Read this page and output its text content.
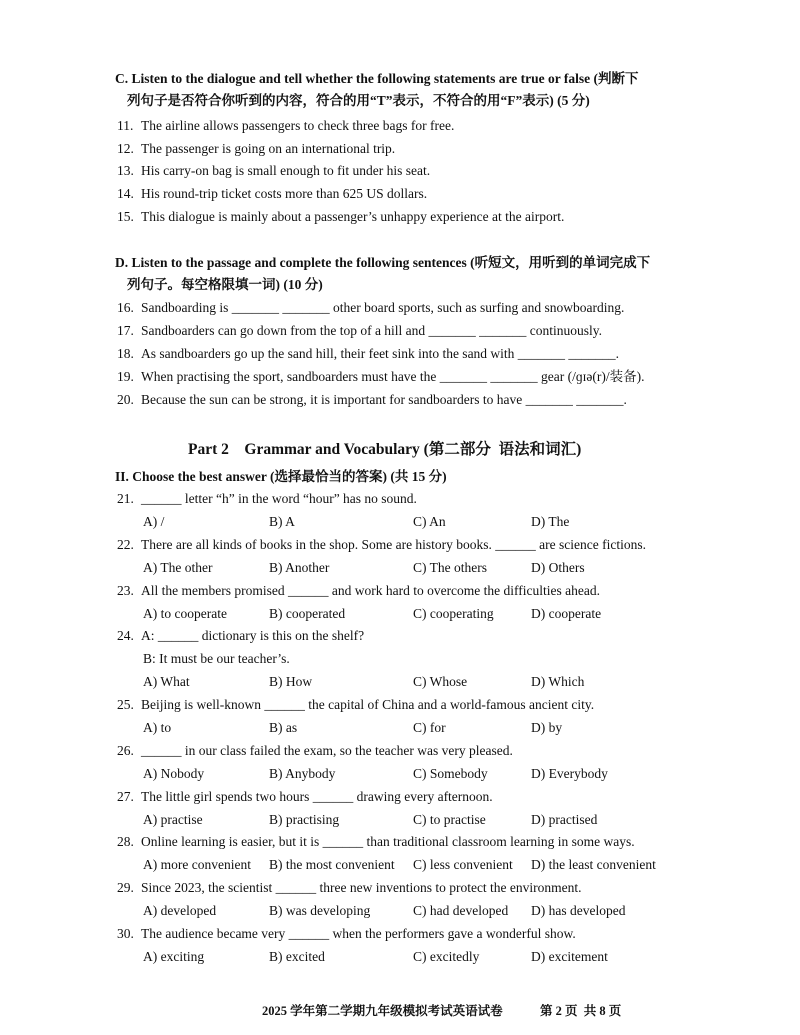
C. Listen to the dialogue and tell whether the following statements are true or false (判断下
列句子是否符合你听到的内容，符合的用“T”表示，不符合的用“F”表示) (5 分)
11. The airline allows passengers to check three bags for free.
12. The passenger is going on an international trip.
13. His carry-on bag is small enough to fit under his seat.
14. His round-trip ticket costs more than 625 US dollars.
15. This dialogue is mainly about a passenger’s unhappy experience at the airport.
D. Listen to the passage and complete the following sentences (听短文，用听到的单词完成下
列句子。每空格限填一词) (10 分)
16. Sandboarding is _______ _______ other board sports, such as surfing and snowboarding.
17. Sandboarders can go down from the top of a hill and _______ _______ continuously.
18. As sandboarders go up the sand hill, their feet sink into the sand with _______ _______.
19. When practising the sport, sandboarders must have the _______ _______ gear (/ɡɪə(r)/装备).
20. Because the sun can be strong, it is important for sandboarders to have _______ _______.
Part 2    Grammar and Vocabulary (第二部分  语法和词汇)
II. Choose the best answer (选择最恰当的答案) (共 15 分)
21. ______ letter “h” in the word “hour” has no sound.
A) /	B) A	C) An	D) The
22. There are all kinds of books in the shop. Some are history books. ______ are science fictions.
A) The other	B) Another	C) The others	D) Others
23. All the members promised ______ and work hard to overcome the difficulties ahead.
A) to cooperate	B) cooperated	C) cooperating	D) cooperate
24. A: ______ dictionary is this on the shelf?
B: It must be our teacher’s.
A) What	B) How	C) Whose	D) Which
25. Beijing is well-known ______ the capital of China and a world-famous ancient city.
A) to	B) as	C) for	D) by
26. ______ in our class failed the exam, so the teacher was very pleased.
A) Nobody	B) Anybody	C) Somebody	D) Everybody
27. The little girl spends two hours ______ drawing every afternoon.
A) practise	B) practising	C) to practise	D) practised
28. Online learning is easier, but it is ______ than traditional classroom learning in some ways.
A) more convenient B) the most convenient C) less convenient D) the least convenient
29. Since 2023, the scientist ______ three new inventions to protect the environment.
A) developed	B) was developing	C) had developed D) has developed
30. The audience became very ______ when the performers gave a wonderful show.
A) exciting	B) excited	C) excitedly	D) excitement
2025 学年第二学期九年级模拟考试英语试卷	第 2 页  共 8 页
